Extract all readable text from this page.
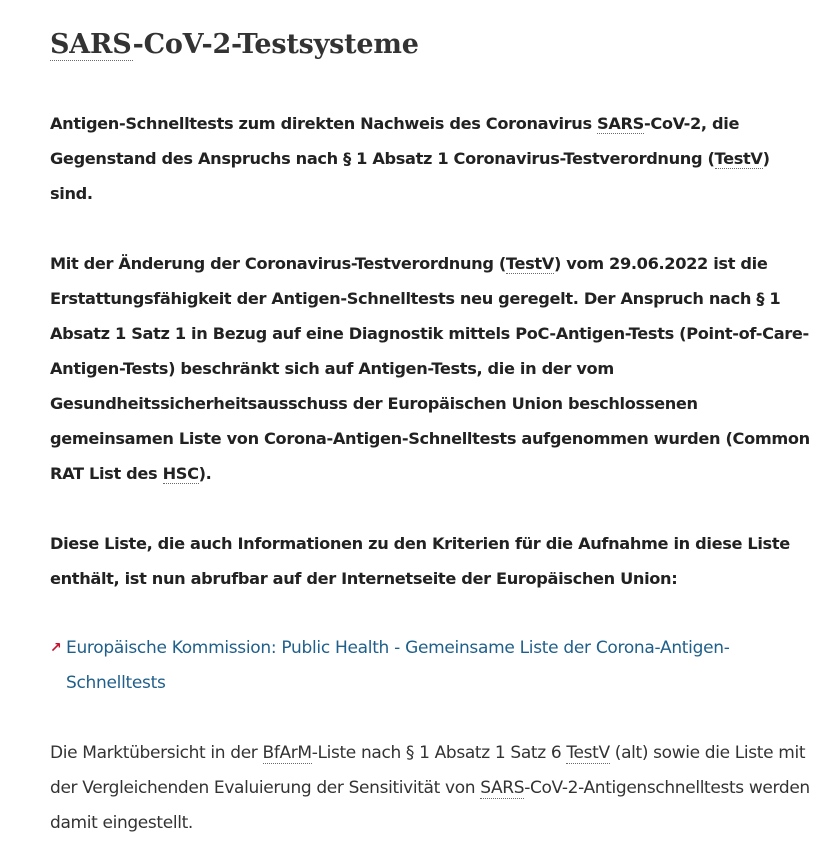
SARS-CoV-2-Testsysteme

Antigen-Schnelltests zum direkten Nachweis des Coronavirus SARS-CoV-2, die Gegenstand des Anspruchs nach § 1 Absatz 1 Coronavirus-Testverordnung (TestV) sind.

Mit der Änderung der Coronavirus-Testverordnung (TestV) vom 29.06.2022 ist die Erstattungsfähigkeit der Antigen-Schnelltests neu geregelt. Der Anspruch nach § 1 Absatz 1 Satz 1 in Bezug auf eine Diagnostik mittels PoC-Antigen-Tests (Point-of-Care-Antigen-Tests) beschränkt sich auf Antigen-Tests, die in der vom Gesundheitssicherheitsausschuss der Europäischen Union beschlossenen gemeinsamen Liste von Corona-Antigen-Schnelltests aufgenommen wurden (Common RAT List des HSC).

Diese Liste, die auch Informationen zu den Kriterien für die Aufnahme in diese Liste enthält, ist nun abrufbar auf der Internetseite der Europäischen Union:

↗ Europäische Kommission: Public Health - Gemeinsame Liste der Corona-Antigen-Schnelltests

Die Marktübersicht in der BfArM-Liste nach § 1 Absatz 1 Satz 6 TestV (alt) sowie die Liste mit der Vergleichenden Evaluierung der Sensitivität von SARS-CoV-2-Antigenschnelltests werden damit eingestellt.
